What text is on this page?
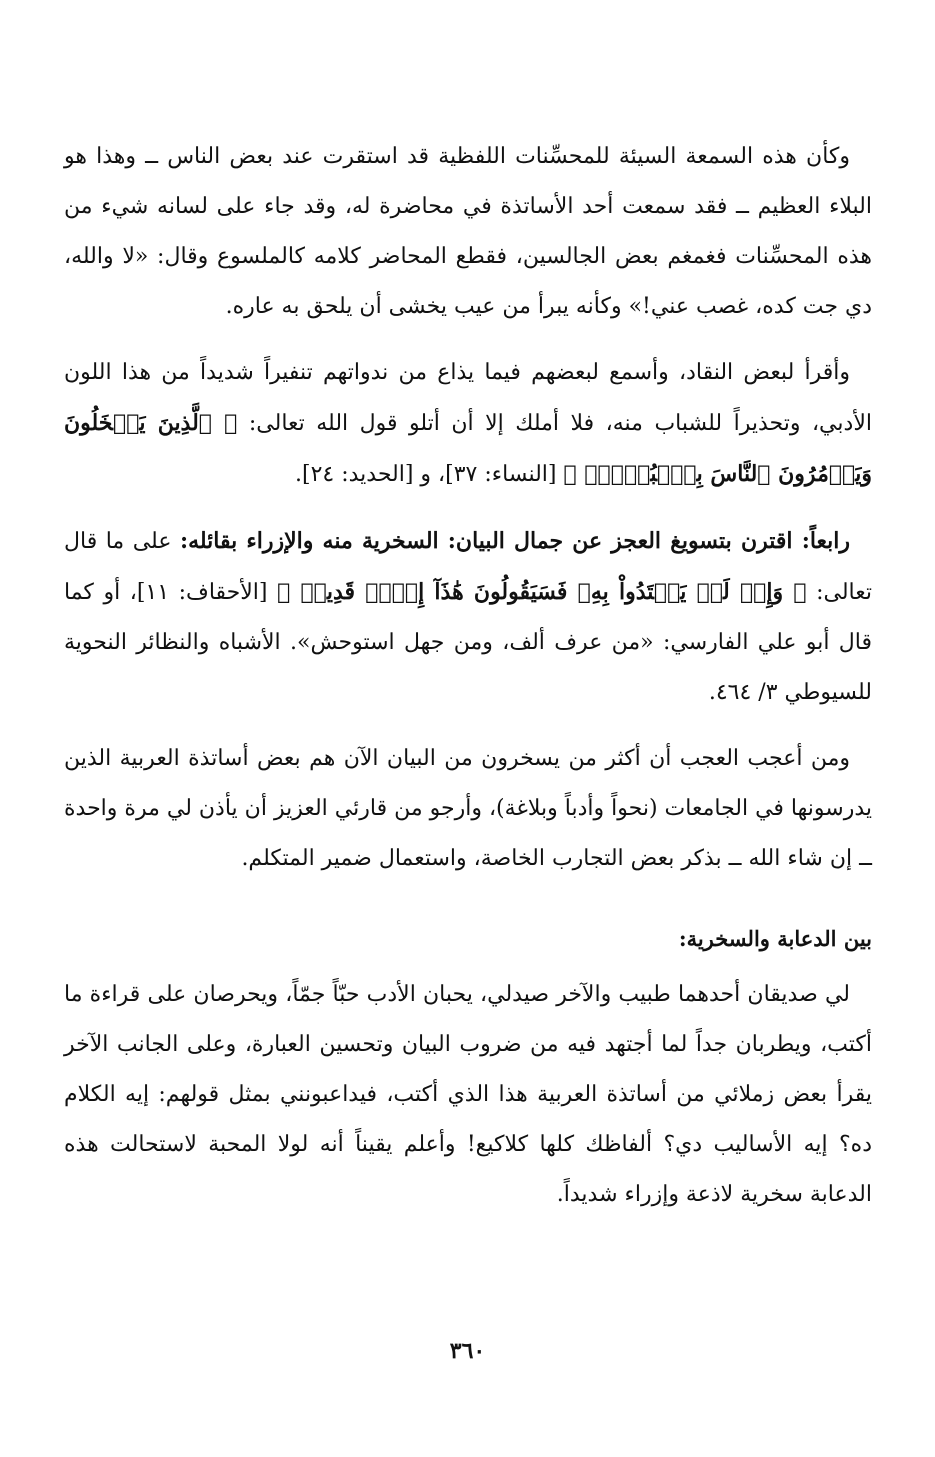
وكأن هذه السمعة السيئة للمحسِّنات اللفظية قد استقرت عند بعض الناس ــ وهذا هو البلاء العظيم ــ فقد سمعت أحد الأساتذة في محاضرة له، وقد جاء على لسانه شيء من هذه المحسِّنات فغمغم بعض الجالسين، فقطع المحاضر كلامه كالملسوع وقال: «لا والله، دي جت كده، غصب عني!» وكأنه يبرأ من عيب يخشى أن يلحق به عاره.

وأقرأ لبعض النقاد، وأسمع لبعضهم فيما يذاع من ندواتهم تنفيراً شديداً من هذا اللون الأدبي، وتحذيراً للشباب منه، فلا أملك إلا أن أتلو قول الله تعالى: ﴿ ٱلَّذِينَ يَبۡخَلُونَ وَيَأۡمُرُونَ ٱلنَّاسَ بِٱلۡبُخۡلِۗ ﴾ [النساء: ٣٧]، و [الحديد: ٢٤].

رابعاً: اقترن بتسويغ العجز عن جمال البيان: السخرية منه والإزراء بقائله: على ما قال تعالى: ﴿ وَإِذۡ لَمۡ يَهۡتَدُواْ بِهِۦ فَسَيَقُولُونَ هَٰذَآ إِفۡكٞ قَدِيمٞ ﴾ [الأحقاف: ١١]، أو كما قال أبو علي الفارسي: «من عرف ألف، ومن جهل استوحش». الأشباه والنظائر النحوية للسيوطي ٣/ ٤٦٤.

ومن أعجب العجب أن أكثر من يسخرون من البيان الآن هم بعض أساتذة العربية الذين يدرسونها في الجامعات (نحواً وأدباً وبلاغة)، وأرجو من قارئي العزيز أن يأذن لي مرة واحدة ــ إن شاء الله ــ بذكر بعض التجارب الخاصة، واستعمال ضمير المتكلم.

بين الدعابة والسخرية:

لي صديقان أحدهما طبيب والآخر صيدلي، يحبان الأدب حبّاً جمّاً، ويحرصان على قراءة ما أكتب، ويطربان جداً لما أجتهد فيه من ضروب البيان وتحسين العبارة، وعلى الجانب الآخر يقرأ بعض زملائي من أساتذة العربية هذا الذي أكتب، فيداعبونني بمثل قولهم: إيه الكلام ده؟ إيه الأساليب دي؟ ألفاظك كلها كلاكيع! وأعلم يقيناً أنه لولا المحبة لاستحالت هذه الدعابة سخرية لاذعة وإزراء شديداً.

٣٦٠
